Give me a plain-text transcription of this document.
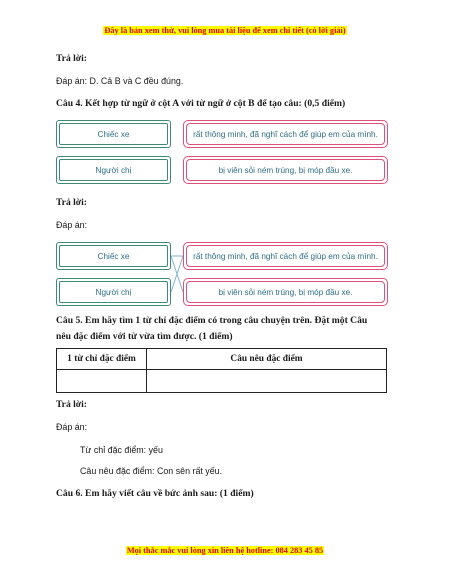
Đây là bản xem thử, vui lòng mua tài liệu để xem chi tiết (có lời giải)
Trả lời:
Đáp án: D. Cả B và C đều đúng.
Câu 4. Kết hợp từ ngữ ở cột A với từ ngữ ở cột B để tạo câu: (0,5 điểm)
Chiếc xe
Người chị
rất thông minh, đã nghĩ cách để giúp em của mình.
bị viên sỏi ném trúng, bị móp đầu xe.
Trả lời:
Đáp án:
Chiếc xe
Người chị
rất thông minh, đã nghĩ cách để giúp em của mình.
bị viên sỏi ném trúng, bị móp đầu xe.
Câu 5. Em hãy tìm 1 từ chỉ đặc điểm có trong câu chuyện trên. Đặt một Câu
nêu đặc điểm với từ vừa tìm được. (1 điểm)
1 từ chỉ đặc điểm	Câu nêu đặc điểm

Trả lời:
Đáp án:
Từ chỉ đặc điểm: yếu
Câu nêu đặc điểm: Con sên rất yếu.
Câu 6. Em hãy viết câu về bức ảnh sau: (1 điểm)
Mọi thắc mắc vui lòng xin liên hệ hotline: 084 283 45 85
